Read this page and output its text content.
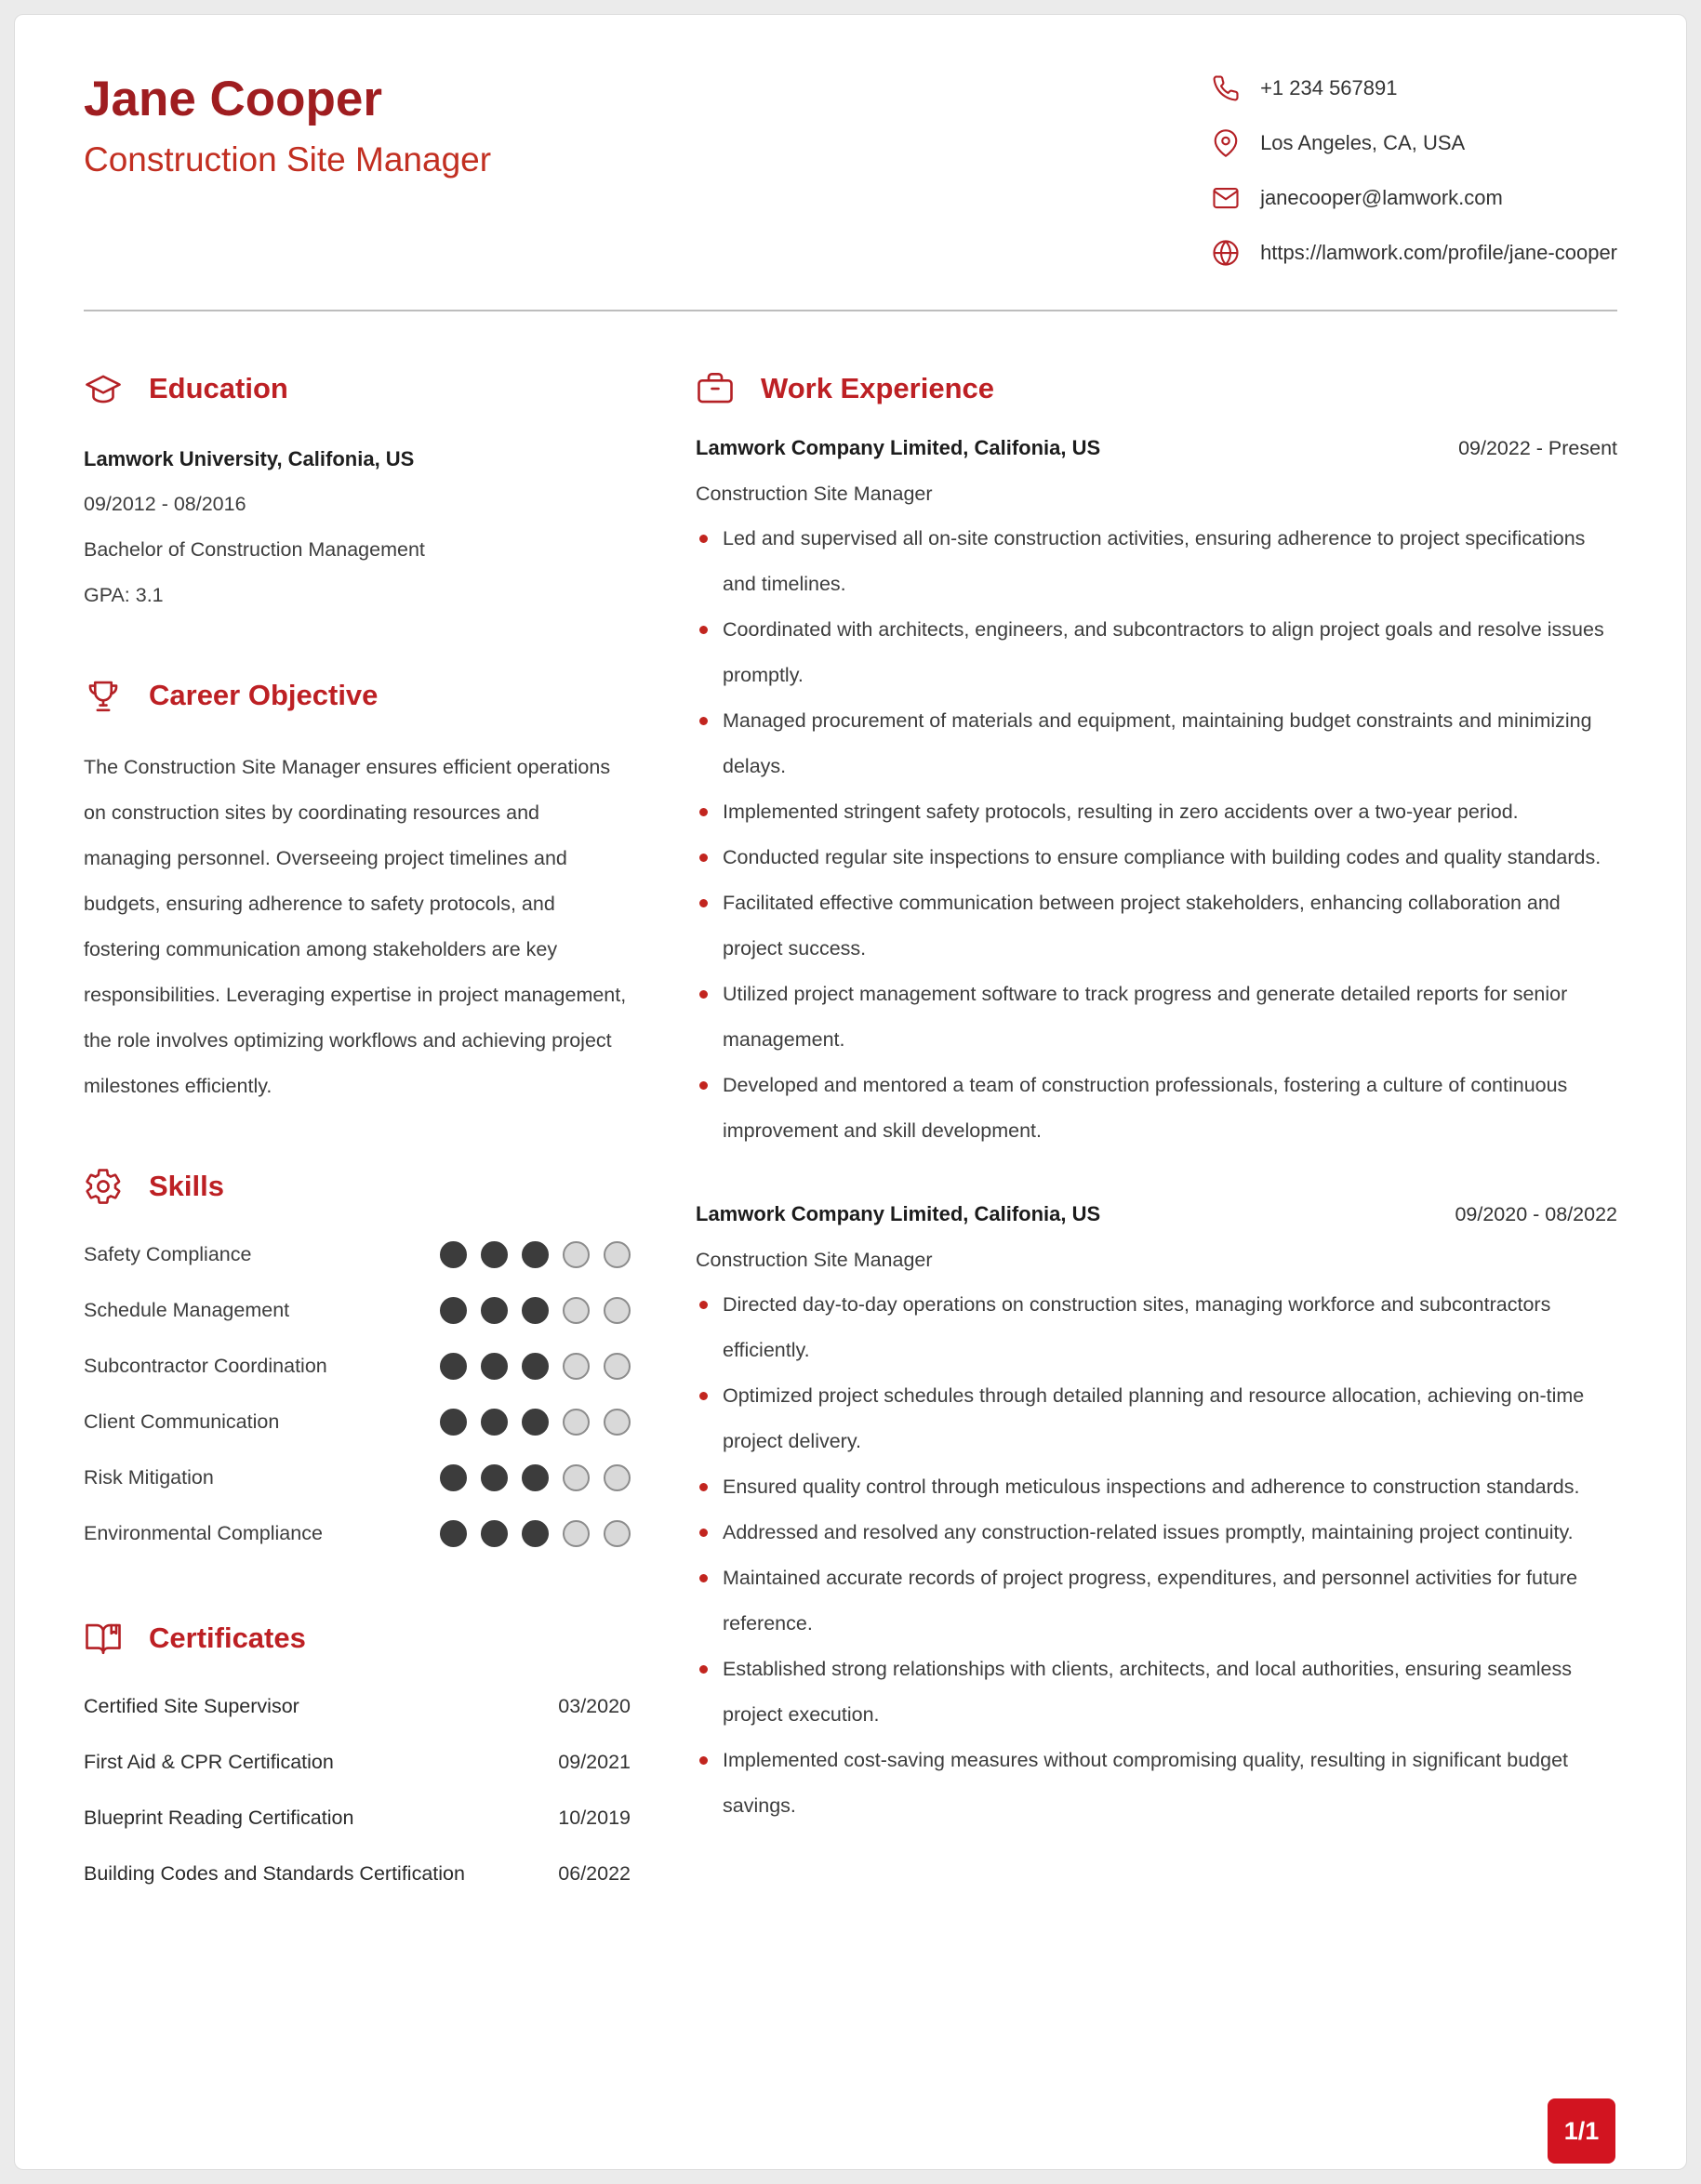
Jane Cooper
Construction Site Manager
+1 234 567891
Los Angeles, CA, USA
janecooper@lamwork.com
https://lamwork.com/profile/jane-cooper
Education
Lamwork University, Califonia, US
09/2012 - 08/2016
Bachelor of Construction Management
GPA: 3.1
Career Objective

The Construction Site Manager ensures efficient operations on construction sites by coordinating resources and managing personnel. Overseeing project timelines and budgets, ensuring adherence to safety protocols, and fostering communication among stakeholders are key responsibilities. Leveraging expertise in project management, the role involves optimizing workflows and achieving project milestones efficiently.

Skills
Safety Compliance
Schedule Management
Subcontractor Coordination
Client Communication
Risk Mitigation
Environmental Compliance
Certificates
Certified Site Supervisor	03/2020
First Aid & CPR Certification	09/2021
Blueprint Reading Certification	10/2019
Building Codes and Standards Certification	06/2022
Work Experience
Lamwork Company Limited, Califonia, US	09/2022 - Present
Construction Site Manager
Led and supervised all on-site construction activities, ensuring adherence to project specifications and timelines.
Coordinated with architects, engineers, and subcontractors to align project goals and resolve issues promptly.
Managed procurement of materials and equipment, maintaining budget constraints and minimizing delays.
Implemented stringent safety protocols, resulting in zero accidents over a two-year period.
Conducted regular site inspections to ensure compliance with building codes and quality standards.
Facilitated effective communication between project stakeholders, enhancing collaboration and project success.
Utilized project management software to track progress and generate detailed reports for senior management.
Developed and mentored a team of construction professionals, fostering a culture of continuous improvement and skill development.
Lamwork Company Limited, Califonia, US	09/2020 - 08/2022
Construction Site Manager
Directed day-to-day operations on construction sites, managing workforce and subcontractors efficiently.
Optimized project schedules through detailed planning and resource allocation, achieving on-time project delivery.
Ensured quality control through meticulous inspections and adherence to construction standards.
Addressed and resolved any construction-related issues promptly, maintaining project continuity.
Maintained accurate records of project progress, expenditures, and personnel activities for future reference.
Established strong relationships with clients, architects, and local authorities, ensuring seamless project execution.
Implemented cost-saving measures without compromising quality, resulting in significant budget savings.
1/1
